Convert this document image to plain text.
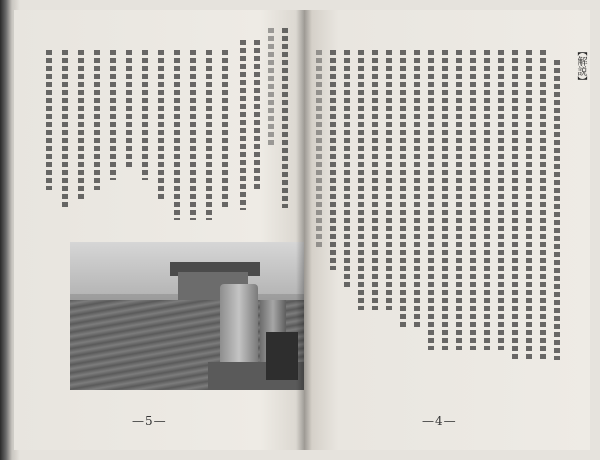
—5—
【解説】
—4—
